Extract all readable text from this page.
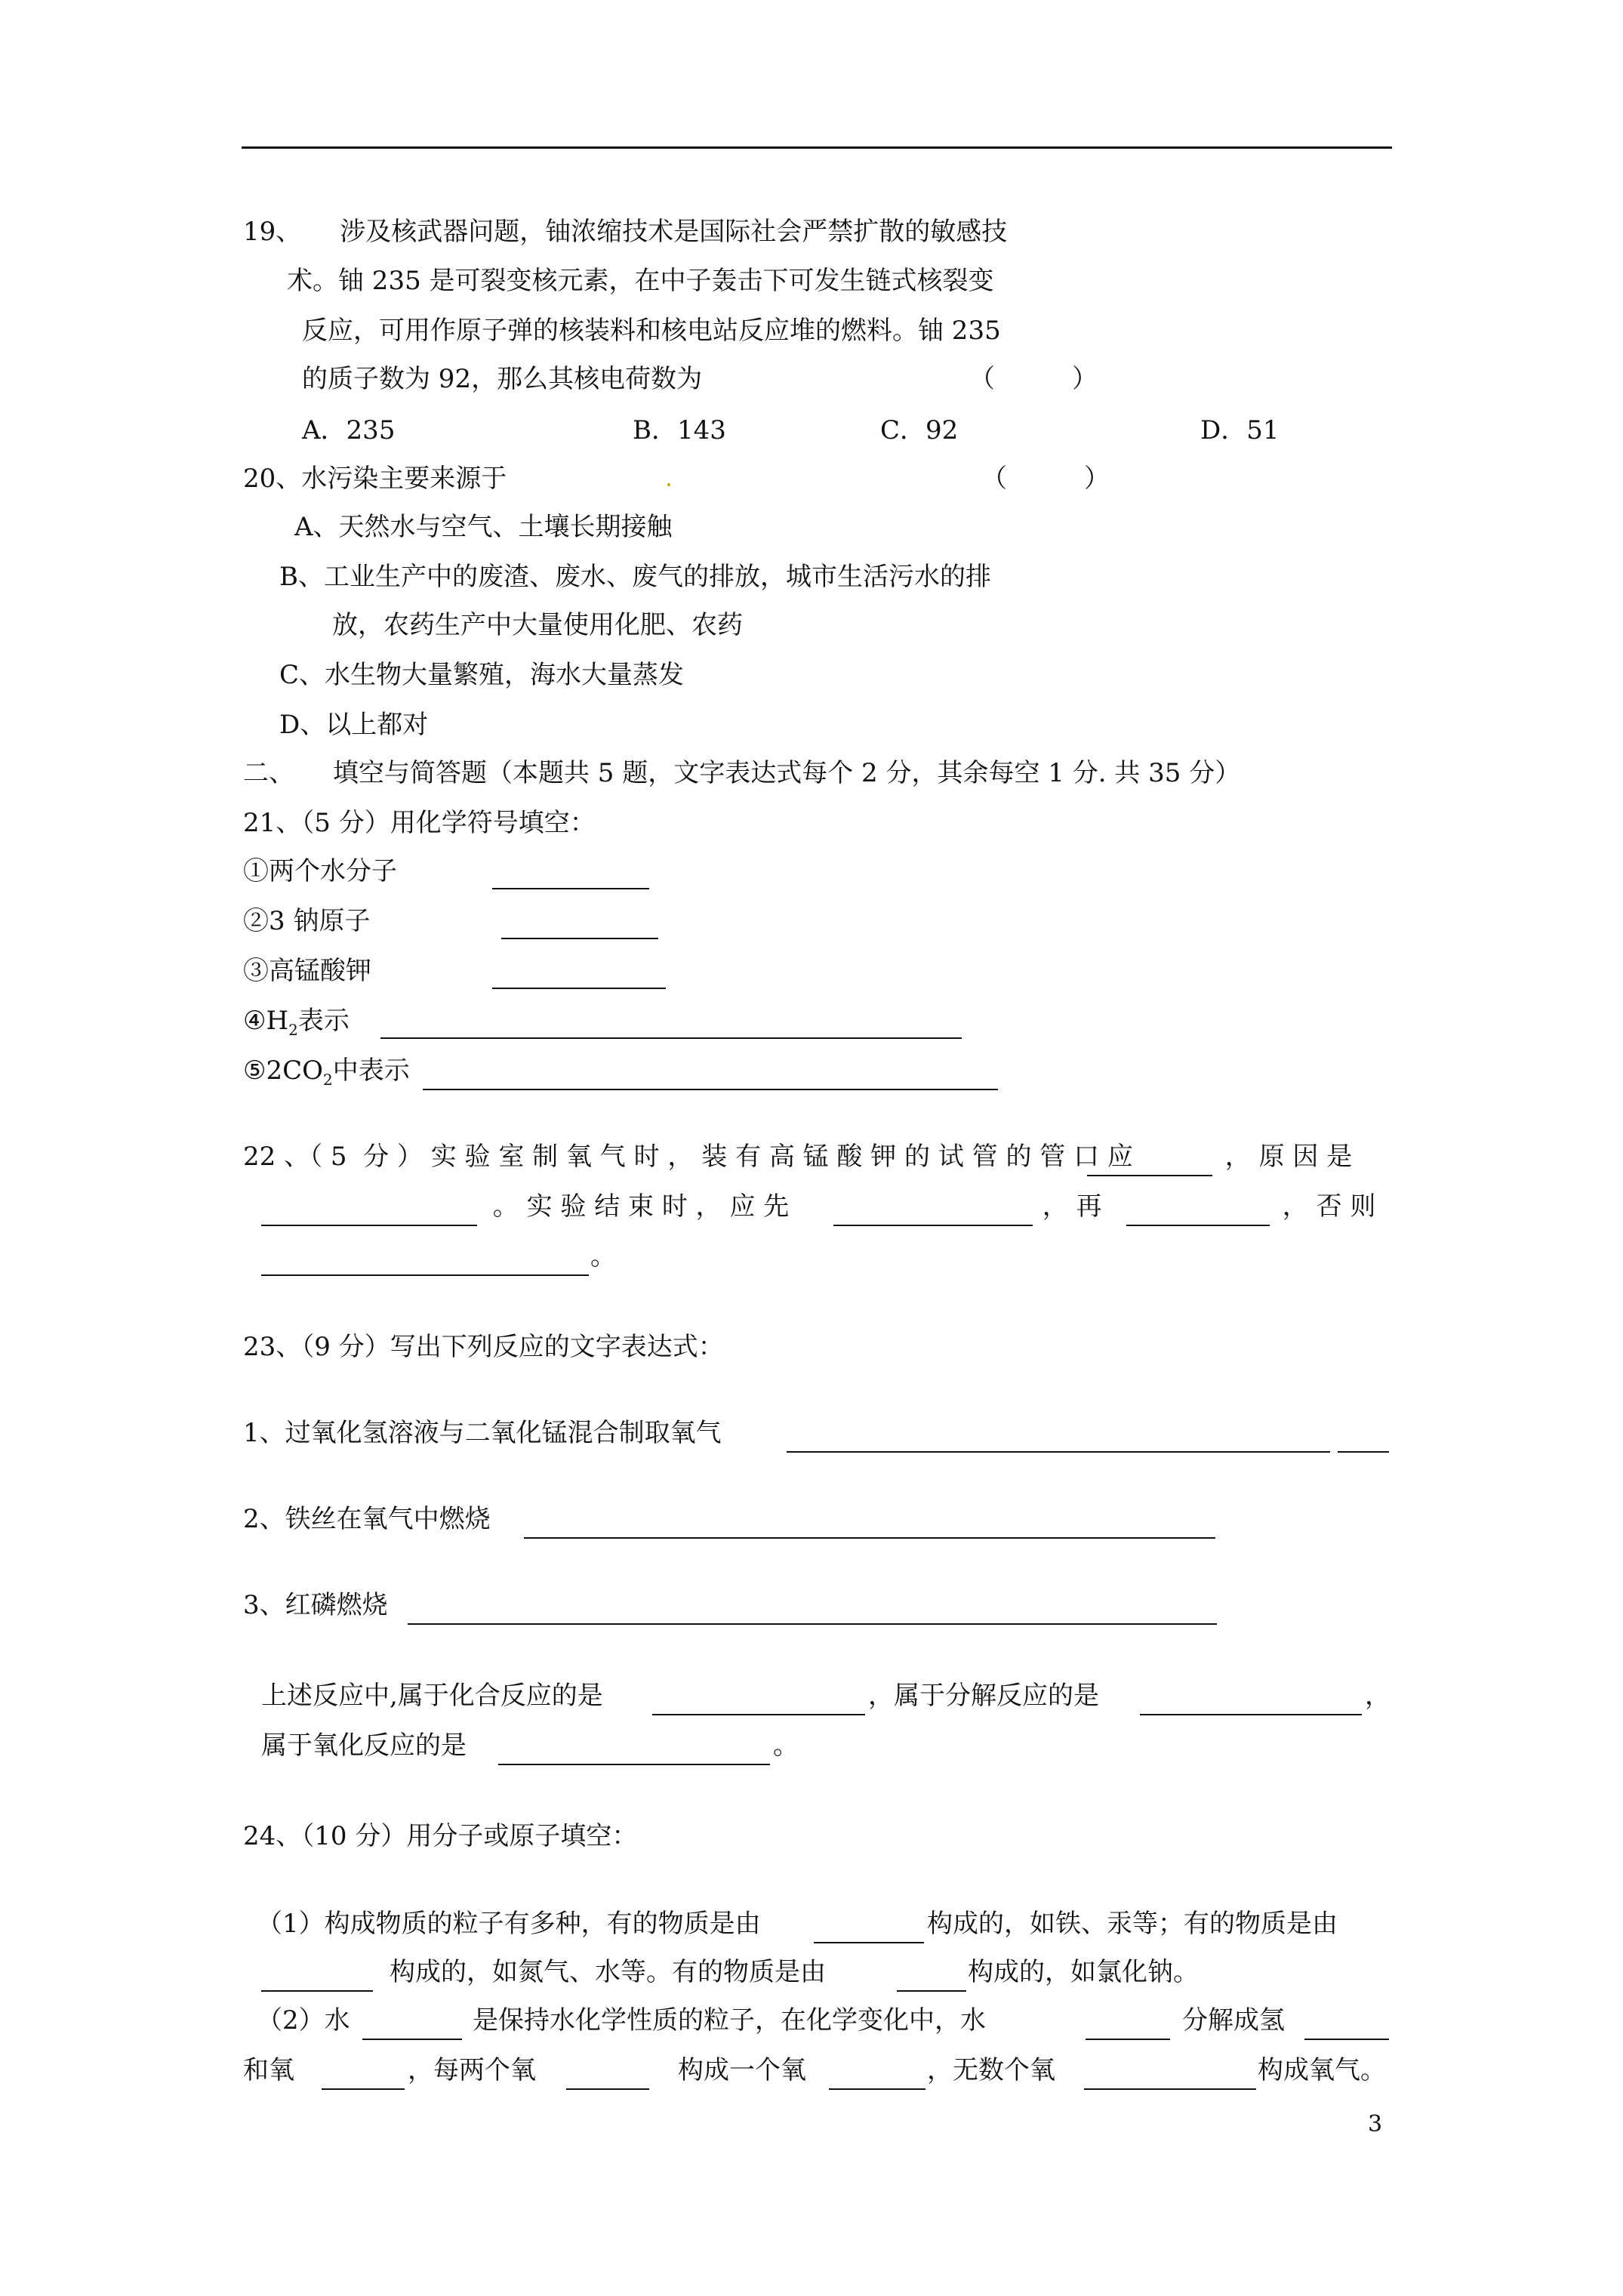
19、　　涉及核武器问题，铀浓缩技术是国际社会严禁扩散的敏感技
术。铀 235 是可裂变核元素，在中子轰击下可发生链式核裂变
反应，可用作原子弹的核装料和核电站反应堆的燃料。铀 235
的质子数为 92，那么其核电荷数为	（　　　）
A．235	B．143	C．92	D．51
20、水污染主要来源于	（　　　）
A、天然水与空气、土壤长期接触
B、工业生产中的废渣、废水、废气的排放，城市生活污水的排
放，农药生产中大量使用化肥、农药
C、水生物大量繁殖，海水大量蒸发
D、以上都对
二、　　填空与简答题（本题共 5 题，文字表达式每个 2 分，其余每空 1 分. 共 35 分）
21、（5 分）用化学符号填空：
①两个水分子
②3 钠原子
③高锰酸钾
$④H_2$表示
$⑤2CO_2$中表示
22 、（ 5  分 ） 实 验 室 制 氧 气 时 ， 装 有 高 锰 酸 钾 的 试 管 的 管 口 应	， 原 因 是
。 实 验 结 束 时 ， 应 先	， 再	， 否 则
。
23、（9 分）写出下列反应的文字表达式：
1、过氧化氢溶液与二氧化锰混合制取氧气
2、铁丝在氧气中燃烧
3、红磷燃烧
上述反应中,属于化合反应的是	，属于分解反应的是	，
属于氧化反应的是	。
24、（10 分）用分子或原子填空：
（1）构成物质的粒子有多种，有的物质是由	构成的，如铁、汞等；有的物质是由
构成的，如氮气、水等。有的物质是由	构成的，如氯化钠。
（2）水	是保持水化学性质的粒子，在化学变化中，水	分解成氢
和氧	，每两个氧	构成一个氧	，无数个氧	构成氧气。
3
